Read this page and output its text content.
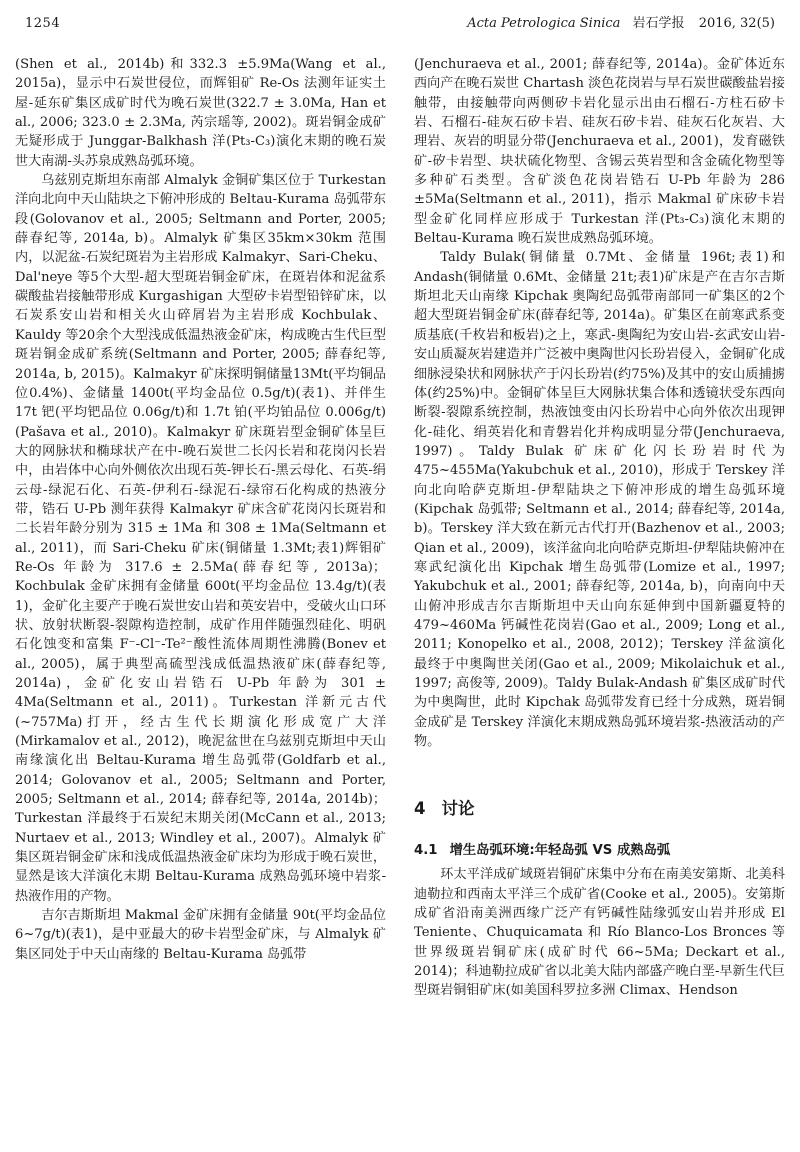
1254	Acta Petrologica Sinica 岩石学报 2016, 32(5)

(Shen et al., 2014b)和332.3 ±5.9Ma(Wang et al., 2015a)，显示中石炭世侵位，而辉钼矿 Re-Os 法测年证实土屋-延东矿集区成矿时代为晚石炭世(322.7 ± 3.0Ma, Han et al., 2006; 323.0 ± 2.3Ma, 芮宗瑶等, 2002)。斑岩铜金成矿无疑形成于 Junggar-Balkhash 洋(Pt₃-C₃)演化末期的晚石炭世大南湖-头苏泉成熟岛弧环境。

乌兹别克斯坦东南部 Almalyk 金铜矿集区位于 Turkestan 洋向北向中天山陆块之下俯冲形成的 Beltau-Kurama 岛弧带东段(Golovanov et al., 2005; Seltmann and Porter, 2005; 薛春纪等, 2014a, b)。Almalyk 矿集区35km×30km 范围内，以泥盆-石炭纪斑岩为主岩形成 Kalmakyr、Sari-Cheku、Dal'neye 等5个大型-超大型斑岩铜金矿床，在斑岩体和泥盆系碳酸盐岩接触带形成 Kurgashigan 大型矽卡岩型铅锌矿床，以石炭系安山岩和相关火山碎屑岩为主岩形成 Kochbulak、Kauldy 等20余个大型浅成低温热液金矿床，构成晚古生代巨型斑岩铜金成矿系统(Seltmann and Porter, 2005; 薛春纪等, 2014a, b, 2015)。Kalmakyr 矿床探明铜储量13Mt(平均铜品位0.4%)、金储量 1400t(平均金品位 0.5g/t)(表1)、并伴生 17t 钯(平均钯品位 0.06g/t)和 1.7t 铂(平均铂品位 0.006g/t)(Pašava et al., 2010)。Kalmakyr 矿床斑岩型金铜矿体呈巨大的网脉状和椭球状产在中-晚石炭世二长闪长岩和花岗闪长岩中，由岩体中心向外侧依次出现石英-钾长石-黑云母化、石英-绢云母-绿泥石化、石英-伊利石-绿泥石-绿帘石化构成的热液分带，锆石 U-Pb 测年获得 Kalmakyr 矿床含矿花岗闪长斑岩和二长岩年龄分别为 315 ± 1Ma 和 308 ± 1Ma(Seltmann et al., 2011)，而 Sari-Cheku 矿床(铜储量 1.3Mt;表1)辉钼矿 Re-Os 年龄为 317.6 ± 2.5Ma(薛春纪等, 2013a)；Kochbulak 金矿床拥有金储量 600t(平均金品位 13.4g/t)(表1)，金矿化主要产于晚石炭世安山岩和英安岩中，受破火山口环状、放射状断裂-裂隙构造控制，成矿作用伴随强烈硅化、明矾石化蚀变和富集 F⁻-Cl⁻-Te²⁻酸性流体周期性沸腾(Bonev et al., 2005)，属于典型高硫型浅成低温热液矿床(薛春纪等, 2014a)，金矿化安山岩锆石 U-Pb 年龄为 301 ± 4Ma(Seltmann et al., 2011)。Turkestan 洋新元古代(~757Ma)打开，经古生代长期演化形成宽广大洋(Mirkamalov et al., 2012)，晚泥盆世在乌兹别克斯坦中天山南缘演化出 Beltau-Kurama 增生岛弧带(Goldfarb et al., 2014; Golovanov et al., 2005; Seltmann and Porter, 2005; Seltmann et al., 2014; 薛春纪等, 2014a, 2014b)；Turkestan 洋最终于石炭纪末期关闭(McCann et al., 2013; Nurtaev et al., 2013; Windley et al., 2007)。Almalyk 矿集区斑岩铜金矿床和浅成低温热液金矿床均为形成于晚石炭世，显然是该大洋演化末期 Beltau-Kurama 成熟岛弧环境中岩浆-热液作用的产物。

吉尔吉斯斯坦 Makmal 金矿床拥有金储量 90t(平均金品位6~7g/t)(表1)，是中亚最大的矽卡岩型金矿床，与 Almalyk 矿集区同处于中天山南缘的 Beltau-Kurama 岛弧带

(Jenchuraeva et al., 2001; 薛春纪等, 2014a)。金矿体近东西向产在晚石炭世 Chartash 淡色花岗岩与早石炭世碳酸盐岩接触带，由接触带向两侧矽卡岩化显示出由石榴石-方柱石矽卡岩、石榴石-硅灰石矽卡岩、硅灰石矽卡岩、硅灰石化灰岩、大理岩、灰岩的明显分带(Jenchuraeva et al., 2001)，发育磁铁矿-矽卡岩型、块状硫化物型、含锡云英岩型和含金硫化物型等多种矿石类型。含矿淡色花岗岩锆石 U-Pb 年龄为 286 ±5Ma(Seltmann et al., 2011)，指示 Makmal 矿床矽卡岩型金矿化同样应形成于 Turkestan 洋(Pt₃-C₃)演化末期的 Beltau-Kurama 晚石炭世成熟岛弧环境。

Taldy Bulak(铜储量 0.7Mt、金储量 196t;表1)和 Andash(铜储量 0.6Mt、金储量 21t;表1)矿床是产在吉尔吉斯斯坦北天山南缘 Kipchak 奥陶纪岛弧带南部同一矿集区的2个超大型斑岩铜金矿床(薛春纪等, 2014a)。矿集区在前寒武系变质基底(千枚岩和板岩)之上，寒武-奥陶纪为安山岩-玄武安山岩-安山质凝灰岩建造并广泛被中奥陶世闪长玢岩侵入，金铜矿化成细脉浸染状和网脉状产于闪长玢岩(约75%)及其中的安山质捕掳体(约25%)中。金铜矿体呈巨大网脉状集合体和透镜状受东西向断裂-裂隙系统控制，热液蚀变由闪长玢岩中心向外依次出现钾化-硅化、绢英岩化和青磐岩化并构成明显分带(Jenchuraeva, 1997)。Taldy Bulak 矿床矿化闪长玢岩时代为 475~455Ma(Yakubchuk et al., 2010)，形成于 Terskey 洋向北向哈萨克斯坦-伊犁陆块之下俯冲形成的增生岛弧环境(Kipchak 岛弧带; Seltmann et al., 2014; 薛春纪等, 2014a, b)。Terskey 洋大致在新元古代打开(Bazhenov et al., 2003; Qian et al., 2009)，该洋盆向北向哈萨克斯坦-伊犁陆块俯冲在寒武纪演化出 Kipchak 增生岛弧带(Lomize et al., 1997; Yakubchuk et al., 2001; 薛春纪等, 2014a, b)，向南向中天山俯冲形成吉尔吉斯斯坦中天山向东延伸到中国新疆夏特的 479~460Ma 钙碱性花岗岩(Gao et al., 2009; Long et al., 2011; Konopelko et al., 2008, 2012)；Terskey 洋盆演化最终于中奥陶世关闭(Gao et al., 2009; Mikolaichuk et al., 1997; 高俊等, 2009)。Taldy Bulak-Andash 矿集区成矿时代为中奥陶世，此时 Kipchak 岛弧带发育已经十分成熟，斑岩铜金成矿是 Terskey 洋演化末期成熟岛弧环境岩浆-热液活动的产物。

4 讨论
4.1 增生岛弧环境:年轻岛弧 VS 成熟岛弧

环太平洋成矿域斑岩铜矿床集中分布在南美安第斯、北美科迪勒拉和西南太平洋三个成矿省(Cooke et al., 2005)。安第斯成矿省沿南美洲西缘广泛产有钙碱性陆缘弧安山岩并形成 El Teniente、Chuquicamata 和 Río Blanco-Los Bronces 等世界级斑岩铜矿床(成矿时代 66~5Ma; Deckart et al., 2014)；科迪勒拉成矿省以北美大陆内部盛产晚白垩-早新生代巨型斑岩铜钼矿床(如美国科罗拉多洲 Climax、Hendson
